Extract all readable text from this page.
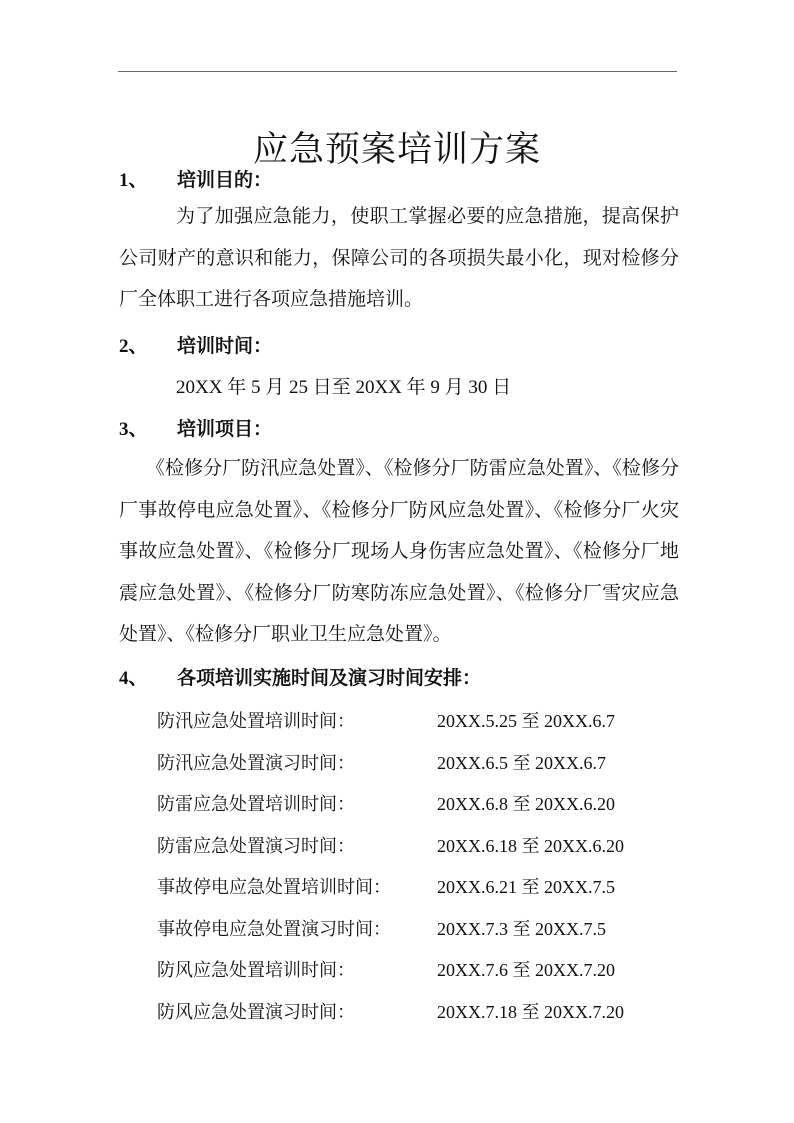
应急预案培训方案
1、 培训目的：

为了加强应急能力，使职工掌握必要的应急措施，提高保护公司财产的意识和能力，保障公司的各项损失最小化，现对检修分厂全体职工进行各项应急措施培训。

2、 培训时间：
20XX 年 5 月 25 日至 20XX 年 9 月 30 日
3、 培训项目：

《检修分厂防汛应急处置》、《检修分厂防雷应急处置》、《检修分厂事故停电应急处置》、《检修分厂防风应急处置》、《检修分厂火灾事故应急处置》、《检修分厂现场人身伤害应急处置》、《检修分厂地震应急处置》、《检修分厂防寒防冻应急处置》、《检修分厂雪灾应急处置》、《检修分厂职业卫生应急处置》。

4、 各项培训实施时间及演习时间安排：
防汛应急处置培训时间：	20XX.5.25 至 20XX.6.7
防汛应急处置演习时间：	20XX.6.5 至 20XX.6.7
防雷应急处置培训时间：	20XX.6.8 至 20XX.6.20
防雷应急处置演习时间：	20XX.6.18 至 20XX.6.20
事故停电应急处置培训时间：	20XX.6.21 至 20XX.7.5
事故停电应急处置演习时间：	20XX.7.3 至 20XX.7.5
防风应急处置培训时间：	20XX.7.6 至 20XX.7.20
防风应急处置演习时间：	20XX.7.18 至 20XX.7.20
